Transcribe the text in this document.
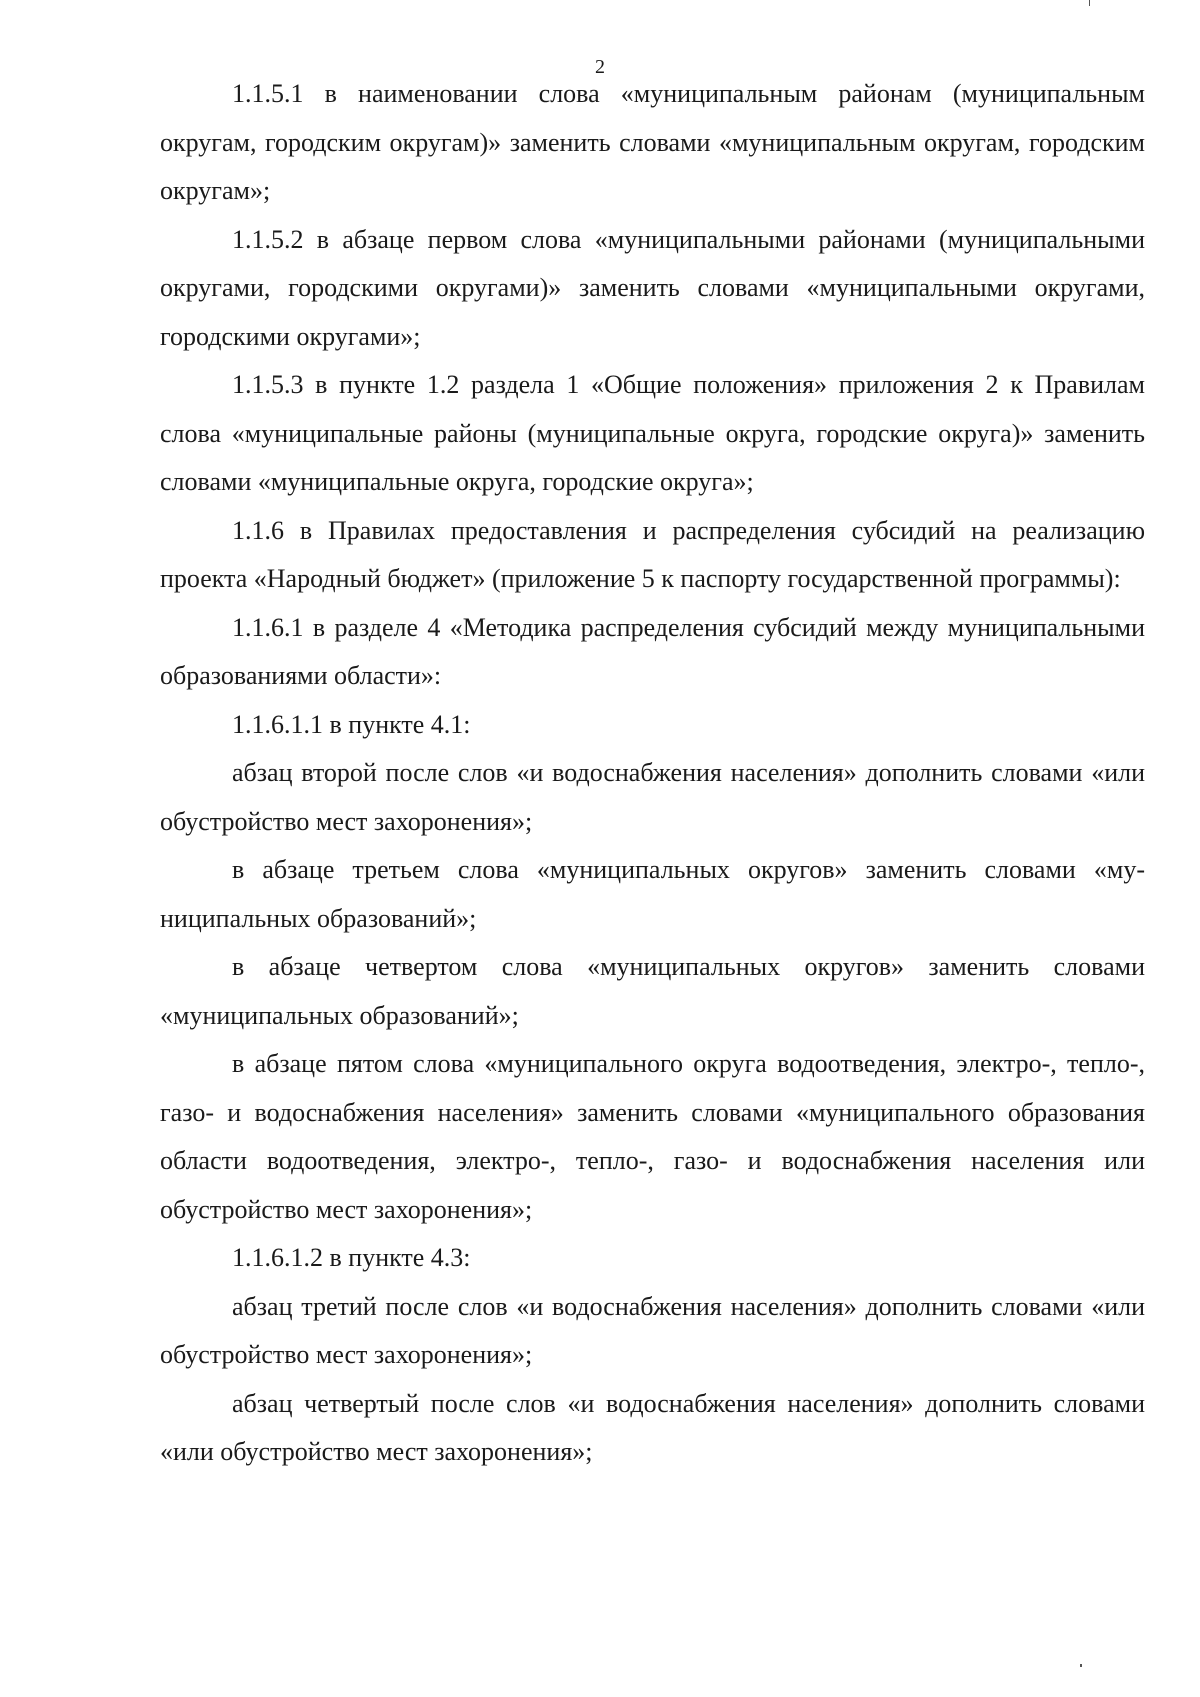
2

1.1.5.1 в наименовании слова «муниципальным районам (муниципальным округам, городским округам)» заменить словами «муниципальным округам, городским округам»;

1.1.5.2 в абзаце первом слова «муниципальными районами (муниципальными округами, городскими округами)» заменить словами «муниципальными округами, городскими округами»;

1.1.5.3 в пункте 1.2 раздела 1 «Общие положения» приложения 2 к Правилам слова «муниципальные районы (муниципальные округа, городские округа)» заменить словами «муниципальные округа, городские округа»;

1.1.6 в Правилах предоставления и распределения субсидий на реализацию проекта «Народный бюджет» (приложение 5 к паспорту государственной программы):

1.1.6.1 в разделе 4 «Методика распределения субсидий между муниципальными образованиями области»:

1.1.6.1.1 в пункте 4.1:

абзац второй после слов «и водоснабжения населения» дополнить словами «или обустройство мест захоронения»;

в абзаце третьем слова «муниципальных округов» заменить словами «муниципальных образований»;

в абзаце четвертом слова «муниципальных округов» заменить словами «муниципальных образований»;

в абзаце пятом слова «муниципального округа водоотведения, электро-, тепло-, газо- и водоснабжения населения» заменить словами «муниципального образования области водоотведения, электро-, тепло-, газо- и водоснабжения населения или обустройство мест захоронения»;

1.1.6.1.2 в пункте 4.3:

абзац третий после слов «и водоснабжения населения» дополнить словами «или обустройство мест захоронения»;

абзац четвертый после слов «и водоснабжения населения» дополнить словами «или обустройство мест захоронения»;
